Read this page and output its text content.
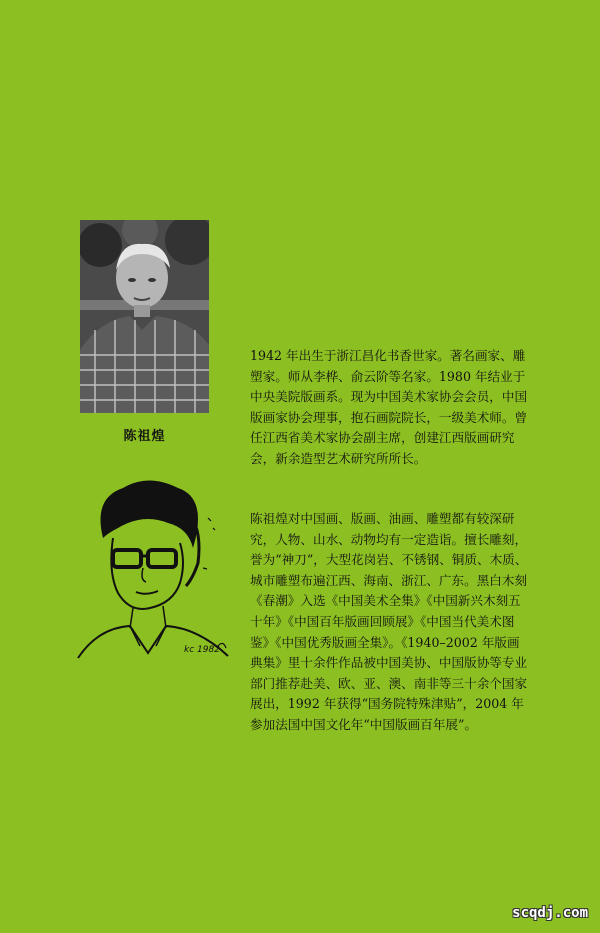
陈祖煌
kc 1982
1942 年出生于浙江昌化书香世家。著名画家、雕塑家。师从李桦、俞云阶等名家。1980 年结业于中央美院版画系。现为中国美术家协会会员，中国版画家协会理事，抱石画院院长，一级美术师。曾任江西省美术家协会副主席，创建江西版画研究会，新余造型艺术研究所所长。
陈祖煌对中国画、版画、油画、雕塑都有较深研究，人物、山水、动物均有一定造诣。擅长雕刻，誉为“神刀”，大型花岗岩、不锈钢、铜质、木质、城市雕塑布遍江西、海南、浙江、广东。黑白木刻《春潮》入选《中国美术全集》《中国新兴木刻五十年》《中国百年版画回顾展》《中国当代美术图鉴》《中国优秀版画全集》。《1940–2002 年版画典集》里十余件作品被中国美协、中国版协等专业部门推荐赴美、欧、亚、澳、南非等三十余个国家展出，1992 年获得“国务院特殊津贴”，2004 年参加法国中国文化年“中国版画百年展”。
scqdj.com
